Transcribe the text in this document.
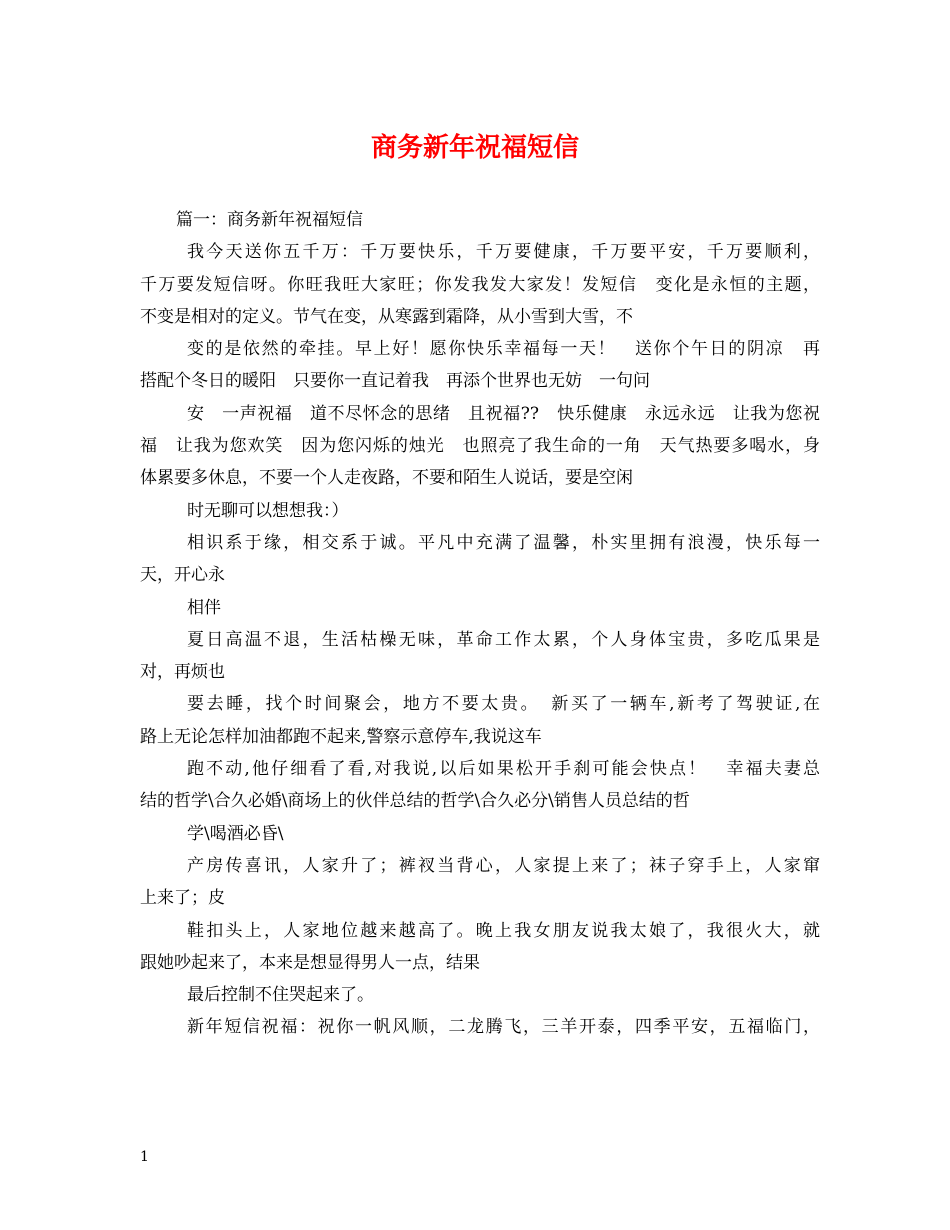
商务新年祝福短信
篇一：商务新年祝福短信
我今天送你五千万：千万要快乐，千万要健康，千万要平安，千万要顺利，
千万要发短信呀。你旺我旺大家旺；你发我发大家发！发短信　变化是永恒的主题，
不变是相对的定义。节气在变，从寒露到霜降，从小雪到大雪，不
变的是依然的牵挂。早上好！愿你快乐幸福每一天！　送你个午日的阴凉　再
搭配个冬日的暖阳　只要你一直记着我　再添个世界也无妨　一句问
安　一声祝福　道不尽怀念的思绪　且祝福??　快乐健康　永远永远　让我为您祝
福　让我为您欢笑　因为您闪烁的烛光　也照亮了我生命的一角　天气热要多喝水，身
体累要多休息，不要一个人走夜路，不要和陌生人说话，要是空闲
时无聊可以想想我：）
相识系于缘，相交系于诚。平凡中充满了温馨，朴实里拥有浪漫，快乐每一
天，开心永
相伴
夏日高温不退，生活枯橾无味，革命工作太累，个人身体宝贵，多吃瓜果是
对，再烦也
要去睡，找个时间聚会，地方不要太贵。　新买了一辆车,新考了驾驶证,在
路上无论怎样加油都跑不起来,警察示意停车,我说这车
跑不动,他仔细看了看,对我说,以后如果松开手刹可能会快点！　幸福夫妻总
结的哲学\合久必婚\商场上的伙伴总结的哲学\合久必分\销售人员总结的哲
学\喝酒必昏\
产房传喜讯，人家升了；裤衩当背心，人家提上来了；袜子穿手上，人家窜
上来了；皮
鞋扣头上，人家地位越来越高了。晚上我女朋友说我太娘了，我很火大，就
跟她吵起来了，本来是想显得男人一点，结果
最后控制不住哭起来了。
新年短信祝福：祝你一帆风顺，二龙腾飞，三羊开泰，四季平安，五福临门，
1
